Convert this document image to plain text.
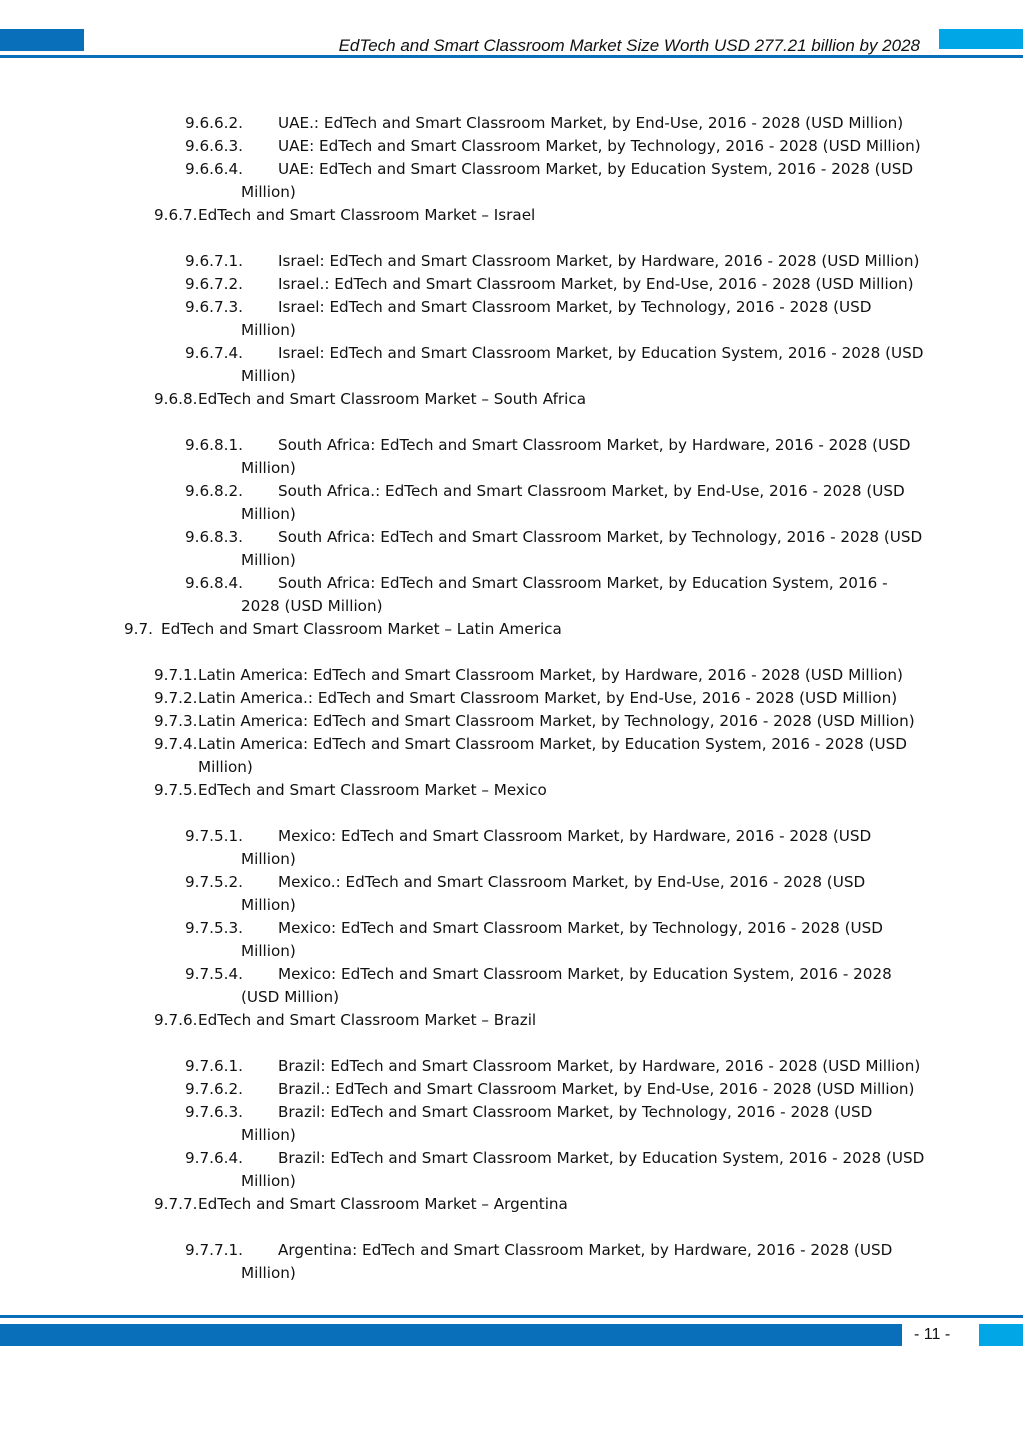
EdTech and Smart Classroom Market Size Worth USD 277.21 billion by 2028
9.6.6.2. UAE.: EdTech and Smart Classroom Market, by End-Use, 2016 - 2028 (USD Million)
9.6.6.3. UAE: EdTech and Smart Classroom Market, by Technology, 2016 - 2028 (USD Million)
9.6.6.4. UAE: EdTech and Smart Classroom Market, by Education System, 2016 - 2028 (USD
Million)
9.6.7. EdTech and Smart Classroom Market – Israel
9.6.7.1. Israel: EdTech and Smart Classroom Market, by Hardware, 2016 - 2028 (USD Million)
9.6.7.2. Israel.: EdTech and Smart Classroom Market, by End-Use, 2016 - 2028 (USD Million)
9.6.7.3. Israel: EdTech and Smart Classroom Market, by Technology, 2016 - 2028 (USD
Million)
9.6.7.4. Israel: EdTech and Smart Classroom Market, by Education System, 2016 - 2028 (USD
Million)
9.6.8. EdTech and Smart Classroom Market – South Africa
9.6.8.1. South Africa: EdTech and Smart Classroom Market, by Hardware, 2016 - 2028 (USD
Million)
9.6.8.2. South Africa.: EdTech and Smart Classroom Market, by End-Use, 2016 - 2028 (USD
Million)
9.6.8.3. South Africa: EdTech and Smart Classroom Market, by Technology, 2016 - 2028 (USD
Million)
9.6.8.4. South Africa: EdTech and Smart Classroom Market, by Education System, 2016 -
2028 (USD Million)
9.7. EdTech and Smart Classroom Market – Latin America
9.7.1. Latin America: EdTech and Smart Classroom Market, by Hardware, 2016 - 2028 (USD Million)
9.7.2. Latin America.: EdTech and Smart Classroom Market, by End-Use, 2016 - 2028 (USD Million)
9.7.3. Latin America: EdTech and Smart Classroom Market, by Technology, 2016 - 2028 (USD Million)
9.7.4. Latin America: EdTech and Smart Classroom Market, by Education System, 2016 - 2028 (USD
Million)
9.7.5. EdTech and Smart Classroom Market – Mexico
9.7.5.1. Mexico: EdTech and Smart Classroom Market, by Hardware, 2016 - 2028 (USD
Million)
9.7.5.2. Mexico.: EdTech and Smart Classroom Market, by End-Use, 2016 - 2028 (USD
Million)
9.7.5.3. Mexico: EdTech and Smart Classroom Market, by Technology, 2016 - 2028 (USD
Million)
9.7.5.4. Mexico: EdTech and Smart Classroom Market, by Education System, 2016 - 2028
(USD Million)
9.7.6. EdTech and Smart Classroom Market – Brazil
9.7.6.1. Brazil: EdTech and Smart Classroom Market, by Hardware, 2016 - 2028 (USD Million)
9.7.6.2. Brazil.: EdTech and Smart Classroom Market, by End-Use, 2016 - 2028 (USD Million)
9.7.6.3. Brazil: EdTech and Smart Classroom Market, by Technology, 2016 - 2028 (USD
Million)
9.7.6.4. Brazil: EdTech and Smart Classroom Market, by Education System, 2016 - 2028 (USD
Million)
9.7.7. EdTech and Smart Classroom Market – Argentina
9.7.7.1. Argentina: EdTech and Smart Classroom Market, by Hardware, 2016 - 2028 (USD
Million)
- 11 -
